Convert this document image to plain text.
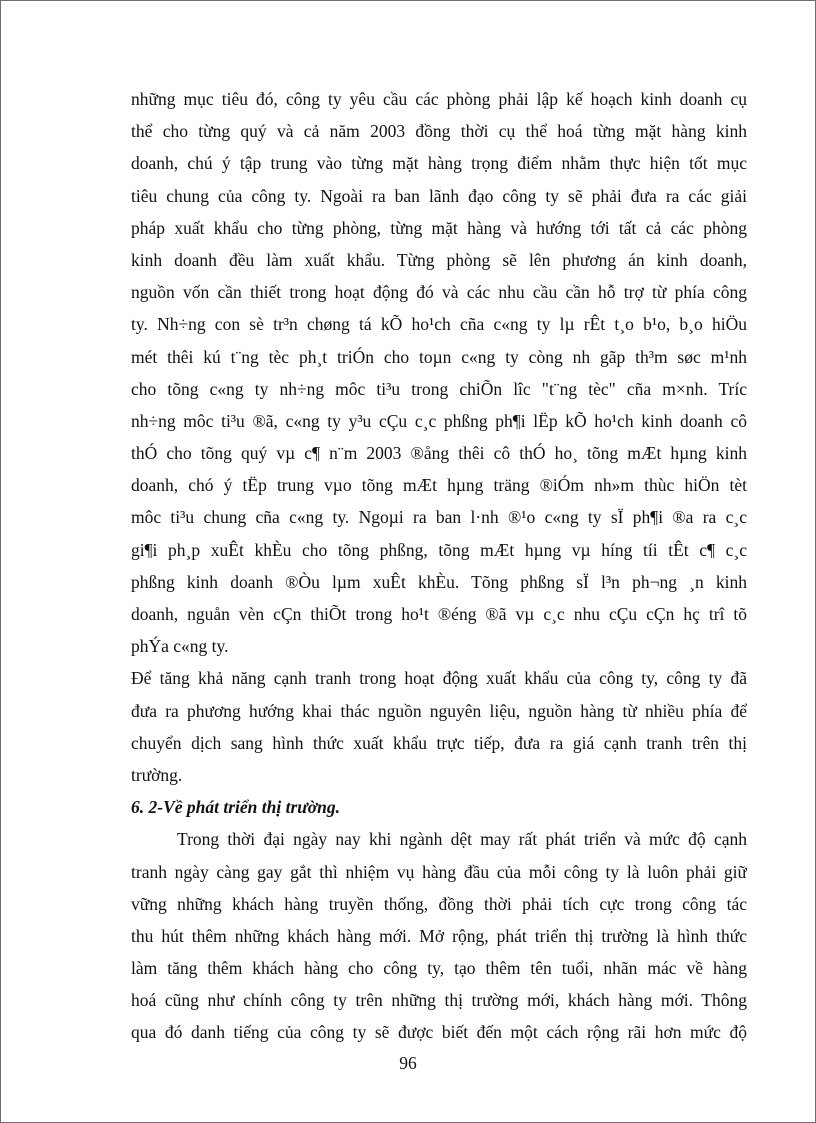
những mục tiêu đó, công ty yêu cầu các phòng phải lập kế hoạch kinh doanh cụ
thể cho từng quý và cả năm 2003 đồng thời cụ thể hoá từng mặt hàng kinh
doanh, chú ý tập trung vào từng mặt hàng trọng điểm nhằm thực hiện tốt mục
tiêu chung của công ty. Ngoài ra ban lãnh đạo công ty sẽ phải đưa ra các giải
pháp xuất khẩu cho từng phòng, từng mặt hàng và hướng tới tất cả các phòng
kinh doanh đều làm xuất khẩu. Từng phòng sẽ lên phương án kinh doanh,
nguồn vốn cần thiết trong hoạt động đó và các nhu cầu cần hỗ trợ từ phía công
ty. Nh÷ng con sè tr³n chøng tá kÕ ho¹ch cña c«ng ty lµ rÊt t¸o b¹o, b¸o hiÖu
mét thêi kú t¨ng tèc ph¸t triÓn cho toµn c«ng ty còng nh gãp th³m søc m¹nh
cho tõng c«ng ty nh÷ng môc ti³u trong chiÕn lîc "t¨ng tèc" cña m×nh. Tríc
nh÷ng môc ti³u ®ã, c«ng ty y³u cÇu c¸c phßng ph¶i lËp kÕ ho¹ch kinh doanh cô
thÓ cho tõng quý vµ c¶ n¨m 2003 ®ång thêi cô thÓ ho¸ tõng mÆt hµng kinh
doanh, chó ý tËp trung vµo tõng mÆt hµng träng ®iÓm nh»m thùc hiÖn tèt
môc ti³u chung cña c«ng ty. Ngoµi ra ban l·nh ®¹o c«ng ty sÏ ph¶i ®a ra c¸c
gi¶i ph¸p xuÊt khÈu cho tõng phßng, tõng mÆt hµng vµ híng tíi tÊt c¶ c¸c
phßng kinh doanh ®Òu lµm xuÊt khÈu. Tõng phßng sÏ l³n ph¬ng ¸n kinh
doanh, nguån vèn cÇn thiÕt trong ho¹t ®éng ®ã vµ c¸c nhu cÇu cÇn hç trî tõ
phÝa c«ng ty.
Để tăng khả năng cạnh tranh trong hoạt động xuất khẩu của công ty, công ty đã
đưa ra phương hướng khai thác nguồn nguyên liệu, nguồn hàng từ nhiều phía để
chuyển dịch sang hình thức xuất khẩu trực tiếp, đưa ra giá cạnh tranh trên thị
trường.
6. 2-Về phát triển thị trường.
Trong thời đại ngày nay khi ngành dệt may rất phát triển và mức độ cạnh
tranh ngày càng gay gắt thì nhiệm vụ hàng đầu của mỗi công ty là luôn phải giữ
vững những khách hàng truyền thống, đồng thời phải tích cực trong công tác
thu hút thêm những khách hàng mới. Mở rộng, phát triển thị trường là hình thức
làm tăng thêm khách hàng cho công ty, tạo thêm tên tuổi, nhãn mác về hàng
hoá cũng như chính công ty trên những thị trường mới, khách hàng mới. Thông
qua đó danh tiếng của công ty sẽ được biết đến một cách rộng rãi hơn mức độ
96
